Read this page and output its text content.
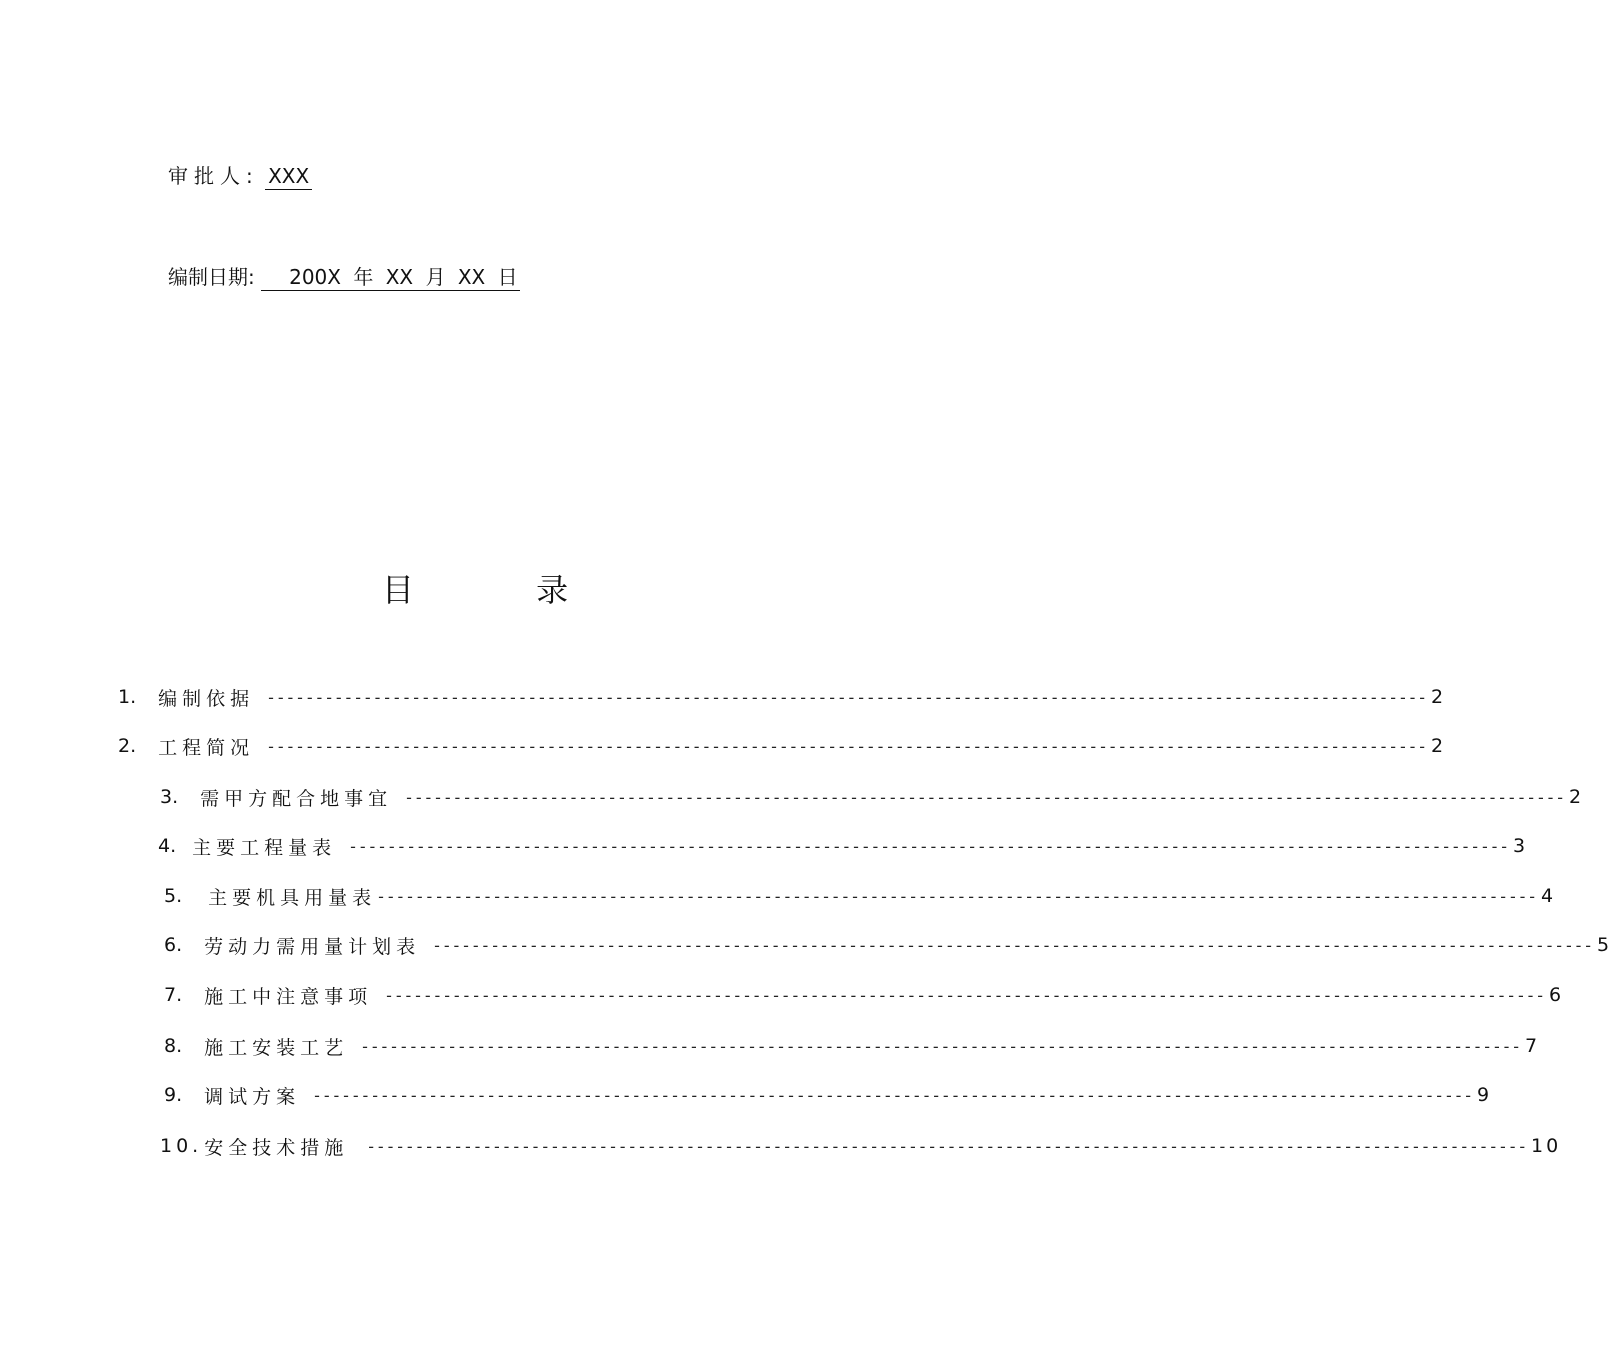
审批人: XXX
编制日期: 200X 年 XX 月 XX 日
目 录
1. 编制依据 ------------------------------------------------------------------------------------------------------------------------ 2
2. 工程简况 ------------------------------------------------------------------------------------------------------------------------ 2
3. 需甲方配合地事宜 ------------------------------------------------------------------------------------------------------------------------ 2
4. 主要工程量表 ------------------------------------------------------------------------------------------------------------------------ 3
5. 主要机具用量表 ------------------------------------------------------------------------------------------------------------------------ 4
6. 劳动力需用量计划表 ------------------------------------------------------------------------------------------------------------------------ 5
7. 施工中注意事项 ------------------------------------------------------------------------------------------------------------------------ 6
8. 施工安装工艺 ------------------------------------------------------------------------------------------------------------------------ 7
9. 调试方案 ------------------------------------------------------------------------------------------------------------------------ 9
10. 安全技术措施 ------------------------------------------------------------------------------------------------------------------------ 10
